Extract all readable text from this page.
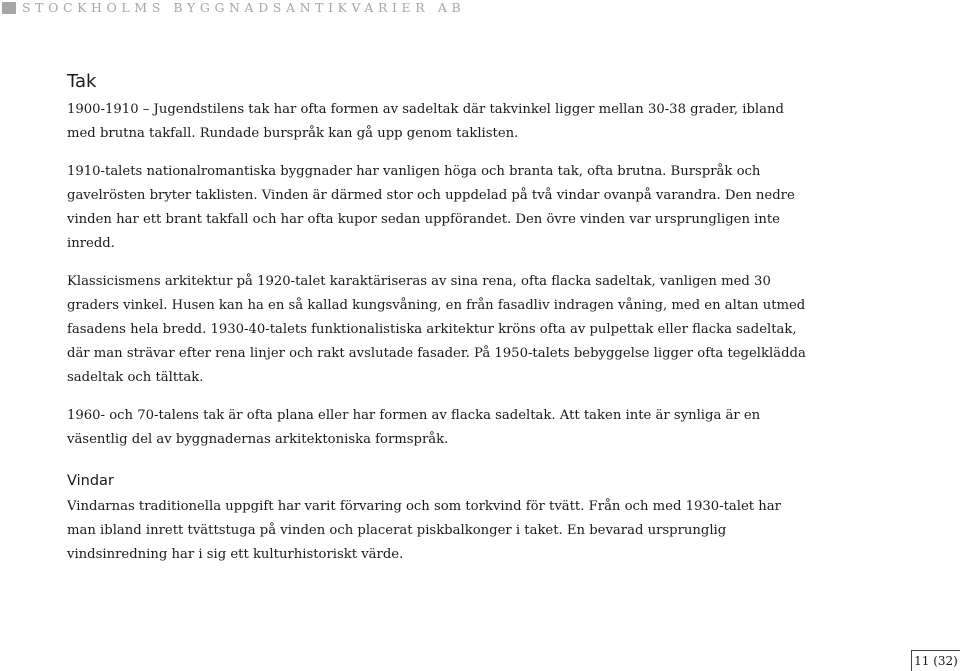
STOCKHOLMS BYGGNADSANTIKVARIER AB
Tak

1900-1910 – Jugendstilens tak har ofta formen av sadeltak där takvinkel ligger mellan 30-38 grader, ibland

med brutna takfall. Rundade burspråk kan gå upp genom taklisten.

1910-talets nationalromantiska byggnader har vanligen höga och branta tak, ofta brutna. Burspråk och

gavelrösten bryter taklisten. Vinden är därmed stor och uppdelad på två vindar ovanpå varandra. Den nedre

vinden har ett brant takfall och har ofta kupor sedan uppförandet. Den övre vinden var ursprungligen inte

inredd.

Klassicismens arkitektur på 1920-talet karaktäriseras av sina rena, ofta flacka sadeltak, vanligen med 30

graders vinkel. Husen kan ha en så kallad kungsvåning, en från fasadliv indragen våning, med en altan utmed

fasadens hela bredd. 1930-40-talets funktionalistiska arkitektur kröns ofta av pulpettak eller flacka sadeltak,

där man strävar efter rena linjer och rakt avslutade fasader. På 1950-talets bebyggelse ligger ofta tegelklädda

sadeltak och tälttak.

1960- och 70-talens tak är ofta plana eller har formen av flacka sadeltak. Att taken inte är synliga är en

väsentlig del av byggnadernas arkitektoniska formspråk.

Vindar

Vindarnas traditionella uppgift har varit förvaring och som torkvind för tvätt. Från och med 1930-talet har

man ibland inrett tvättstuga på vinden och placerat piskbalkonger i taket. En bevarad ursprunglig

vindsinredning har i sig ett kulturhistoriskt värde.

11 (32)
